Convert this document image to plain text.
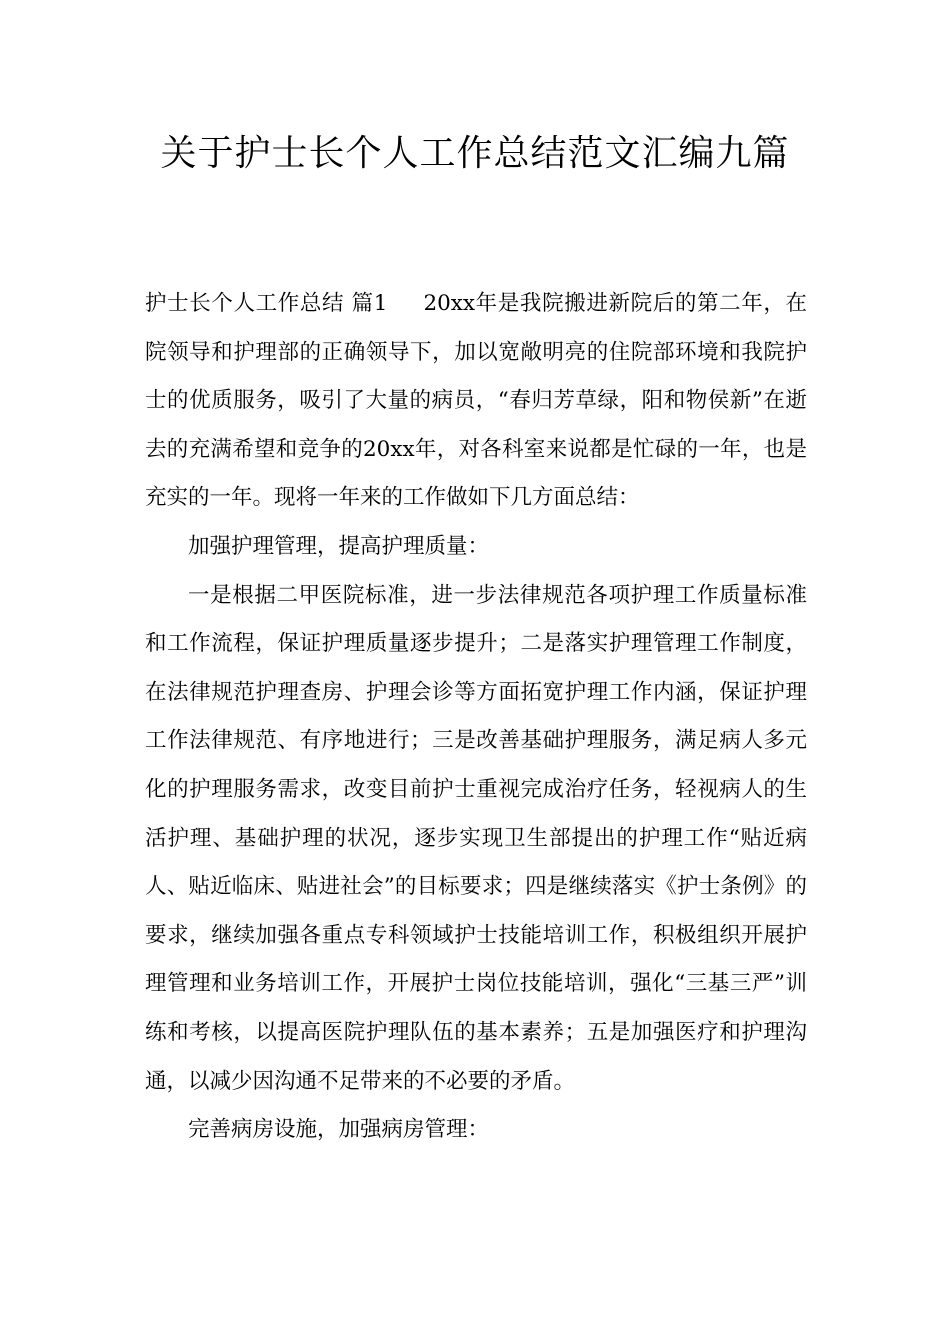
关于护士长个人工作总结范文汇编九篇

护士长个人工作总结 篇1 20xx年是我院搬进新院后的第二年，在院领导和护理部的正确领导下，加以宽敞明亮的住院部环境和我院护士的优质服务，吸引了大量的病员，“春归芳草绿，阳和物侯新”在逝去的充满希望和竞争的20xx年，对各科室来说都是忙碌的一年，也是充实的一年。现将一年来的工作做如下几方面总结：

加强护理管理，提高护理质量：

一是根据二甲医院标准，进一步法律规范各项护理工作质量标准和工作流程，保证护理质量逐步提升；二是落实护理管理工作制度，在法律规范护理查房、护理会诊等方面拓宽护理工作内涵，保证护理工作法律规范、有序地进行；三是改善基础护理服务，满足病人多元化的护理服务需求，改变目前护士重视完成治疗任务，轻视病人的生活护理、基础护理的状况，逐步实现卫生部提出的护理工作“贴近病人、贴近临床、贴进社会”的目标要求；四是继续落实《护士条例》的要求，继续加强各重点专科领域护士技能培训工作，积极组织开展护理管理和业务培训工作，开展护士岗位技能培训，强化“三基三严”训练和考核，以提高医院护理队伍的基本素养；五是加强医疗和护理沟通，以减少因沟通不足带来的不必要的矛盾。

完善病房设施，加强病房管理：
